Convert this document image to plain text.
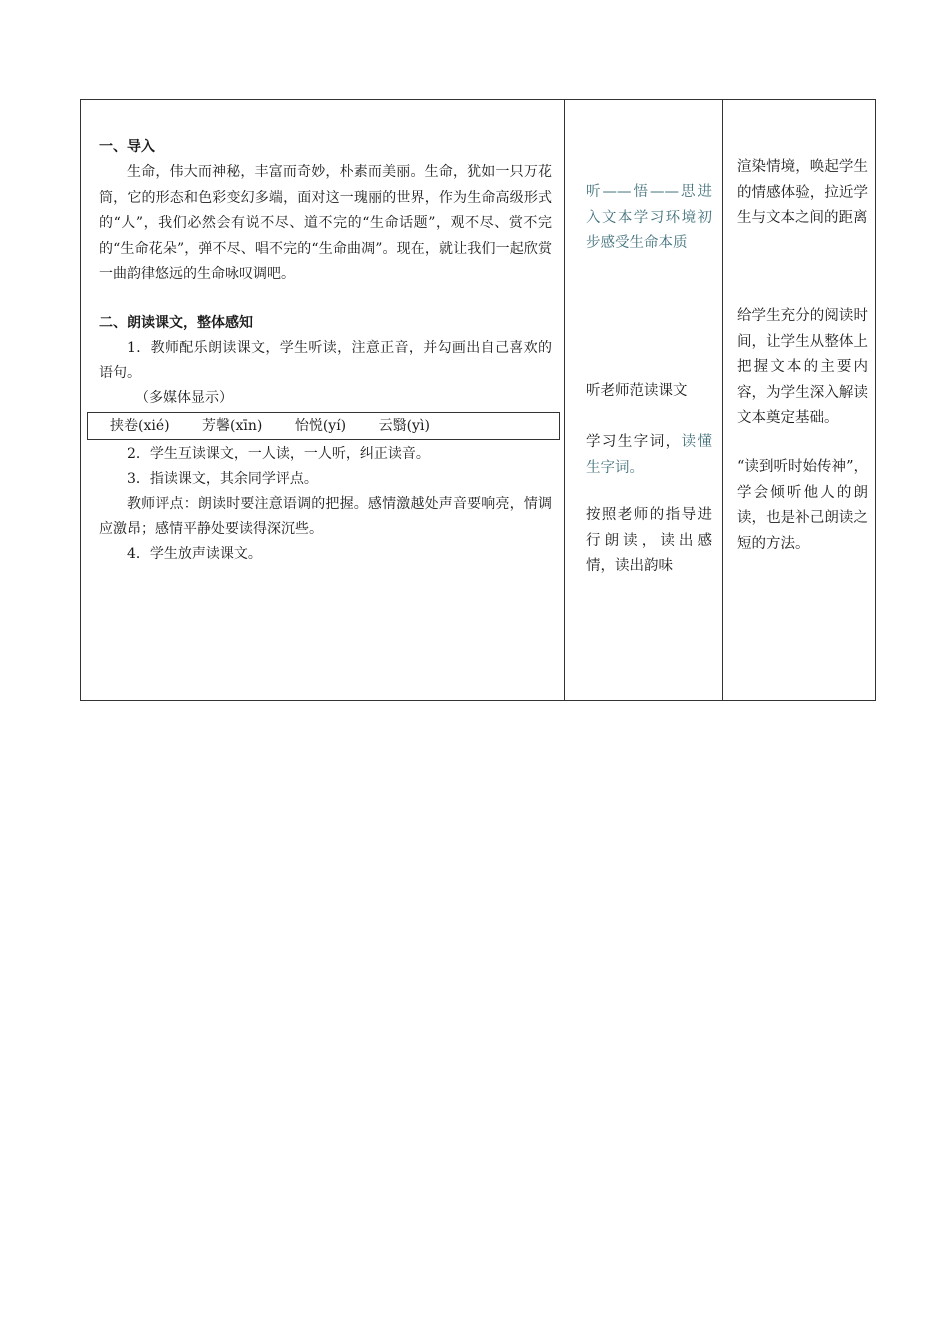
一、导入

生命，伟大而神秘，丰富而奇妙，朴素而美丽。生命，犹如一只万花筒，它的形态和色彩变幻多端，面对这一瑰丽的世界，作为生命高级形式的“人”，我们必然会有说不尽、道不完的“生命话题”，观不尽、赏不完的“生命花朵”，弹不尽、唱不完的“生命曲凋”。现在，就让我们一起欣赏一曲韵律悠远的生命咏叹调吧。

二、朗读课文，整体感知

1．教师配乐朗读课文，学生听读，注意正音，并勾画出自己喜欢的语句。

（多媒体显示）
挟卷(xié) 芳馨(xīn) 怡悦(yí) 云翳(yì)

2．学生互读课文，一人读，一人听，纠正读音。

3．指读课文，其余同学评点。

教师评点：朗读时要注意语调的把握。感情激越处声音要响亮，情调应激昂；感情平静处要读得深沉些。

4．学生放声读课文。

听——悟——思进入文本学习环境初步感受生命本质
听老师范读课文
学习生字词，读懂生字词。
按照老师的指导进行朗读，读出感情，读出韵味
渲染情境，唤起学生的情感体验，拉近学生与文本之间的距离
给学生充分的阅读时间，让学生从整体上把握文本的主要内容，为学生深入解读文本奠定基础。
“读到听时始传神”，学会倾听他人的朗读，也是补己朗读之短的方法。
